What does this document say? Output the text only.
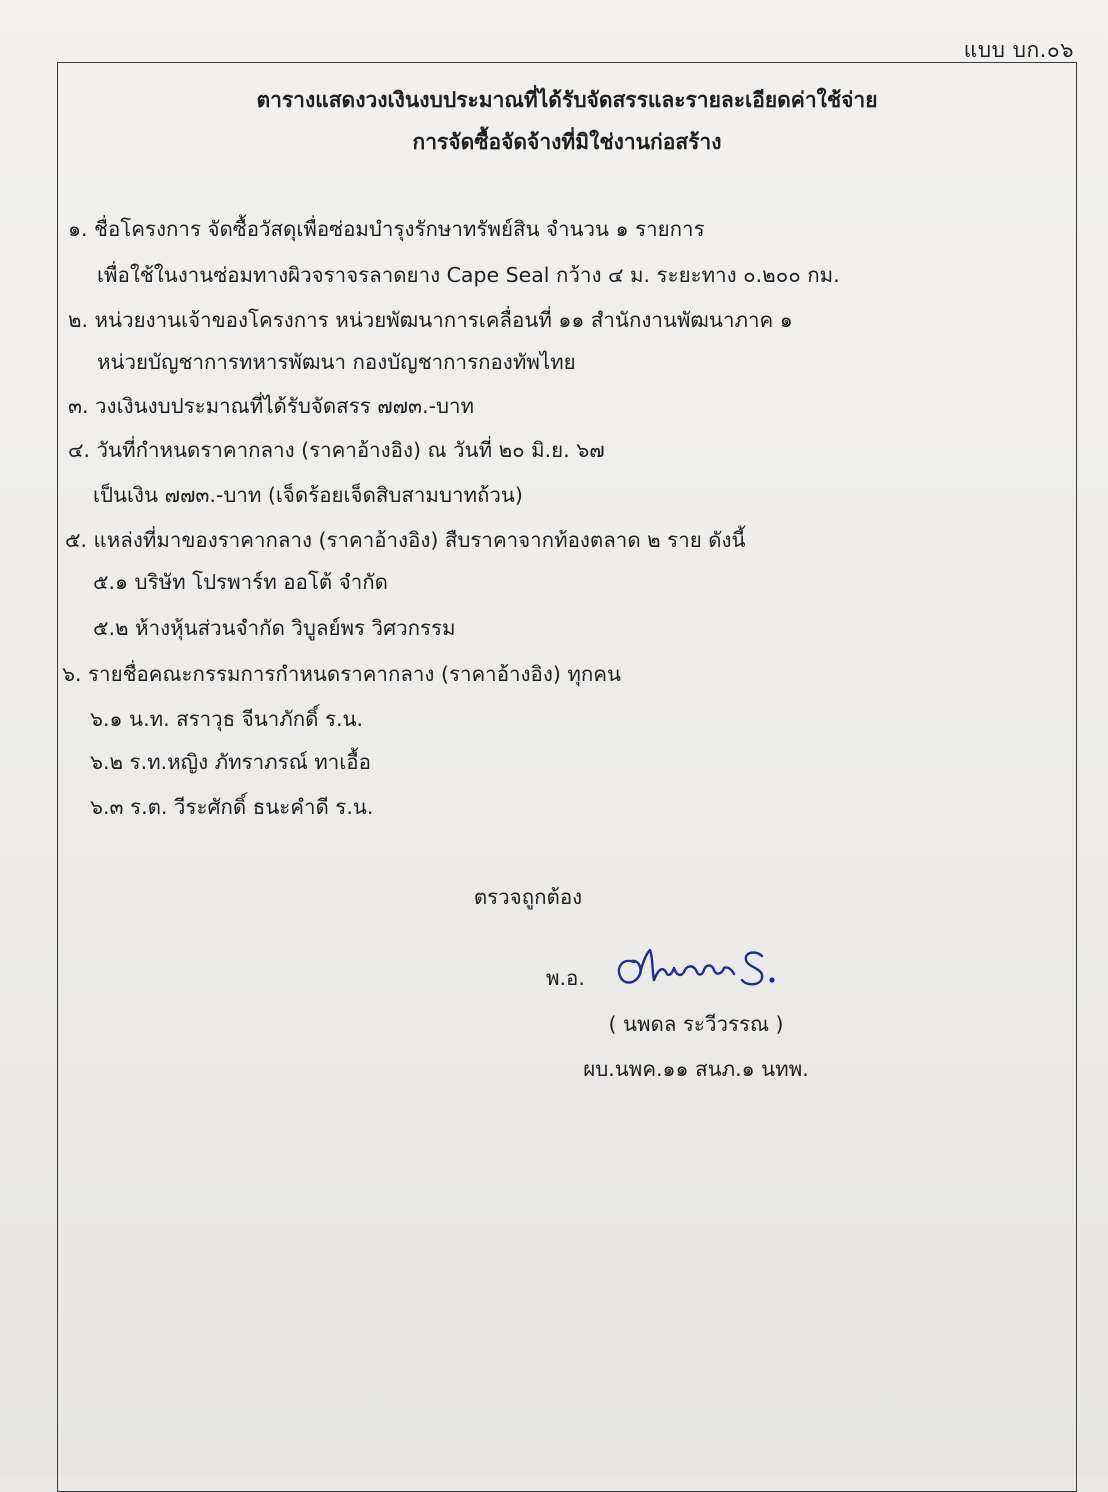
แบบ บก.๐๖
ตารางแสดงวงเงินงบประมาณที่ได้รับจัดสรรและรายละเอียดค่าใช้จ่าย
การจัดซื้อจัดจ้างที่มิใช่งานก่อสร้าง
๑. ชื่อโครงการ จัดซื้อวัสดุเพื่อซ่อมบำรุงรักษาทรัพย์สิน จำนวน ๑ รายการ
เพื่อใช้ในงานซ่อมทางผิวจราจรลาดยาง Cape Seal กว้าง ๔ ม. ระยะทาง ๐.๒๐๐ กม.
๒. หน่วยงานเจ้าของโครงการ หน่วยพัฒนาการเคลื่อนที่ ๑๑ สำนักงานพัฒนาภาค ๑
หน่วยบัญชาการทหารพัฒนา กองบัญชาการกองทัพไทย
๓. วงเงินงบประมาณที่ได้รับจัดสรร ๗๗๓.-บาท
๔. วันที่กำหนดราคากลาง (ราคาอ้างอิง) ณ วันที่ ๒๐ มิ.ย. ๖๗
เป็นเงิน ๗๗๓.-บาท (เจ็ดร้อยเจ็ดสิบสามบาทถ้วน)
๕. แหล่งที่มาของราคากลาง (ราคาอ้างอิง) สืบราคาจากท้องตลาด ๒ ราย ดังนี้
๕.๑ บริษัท โปรพาร์ท ออโต้ จำกัด
๕.๒ ห้างหุ้นส่วนจำกัด วิบูลย์พร วิศวกรรม
๖. รายชื่อคณะกรรมการกำหนดราคากลาง (ราคาอ้างอิง) ทุกคน
๖.๑ น.ท. สราวุธ จีนาภักดิ์ ร.น.
๖.๒ ร.ท.หญิง ภัทราภรณ์ ทาเอื้อ
๖.๓ ร.ต. วีระศักดิ์ ธนะคำดี ร.น.
ตรวจถูกต้อง
พ.อ.
( นพดล ระวีวรรณ )
ผบ.นพค.๑๑ สนภ.๑ นทพ.
